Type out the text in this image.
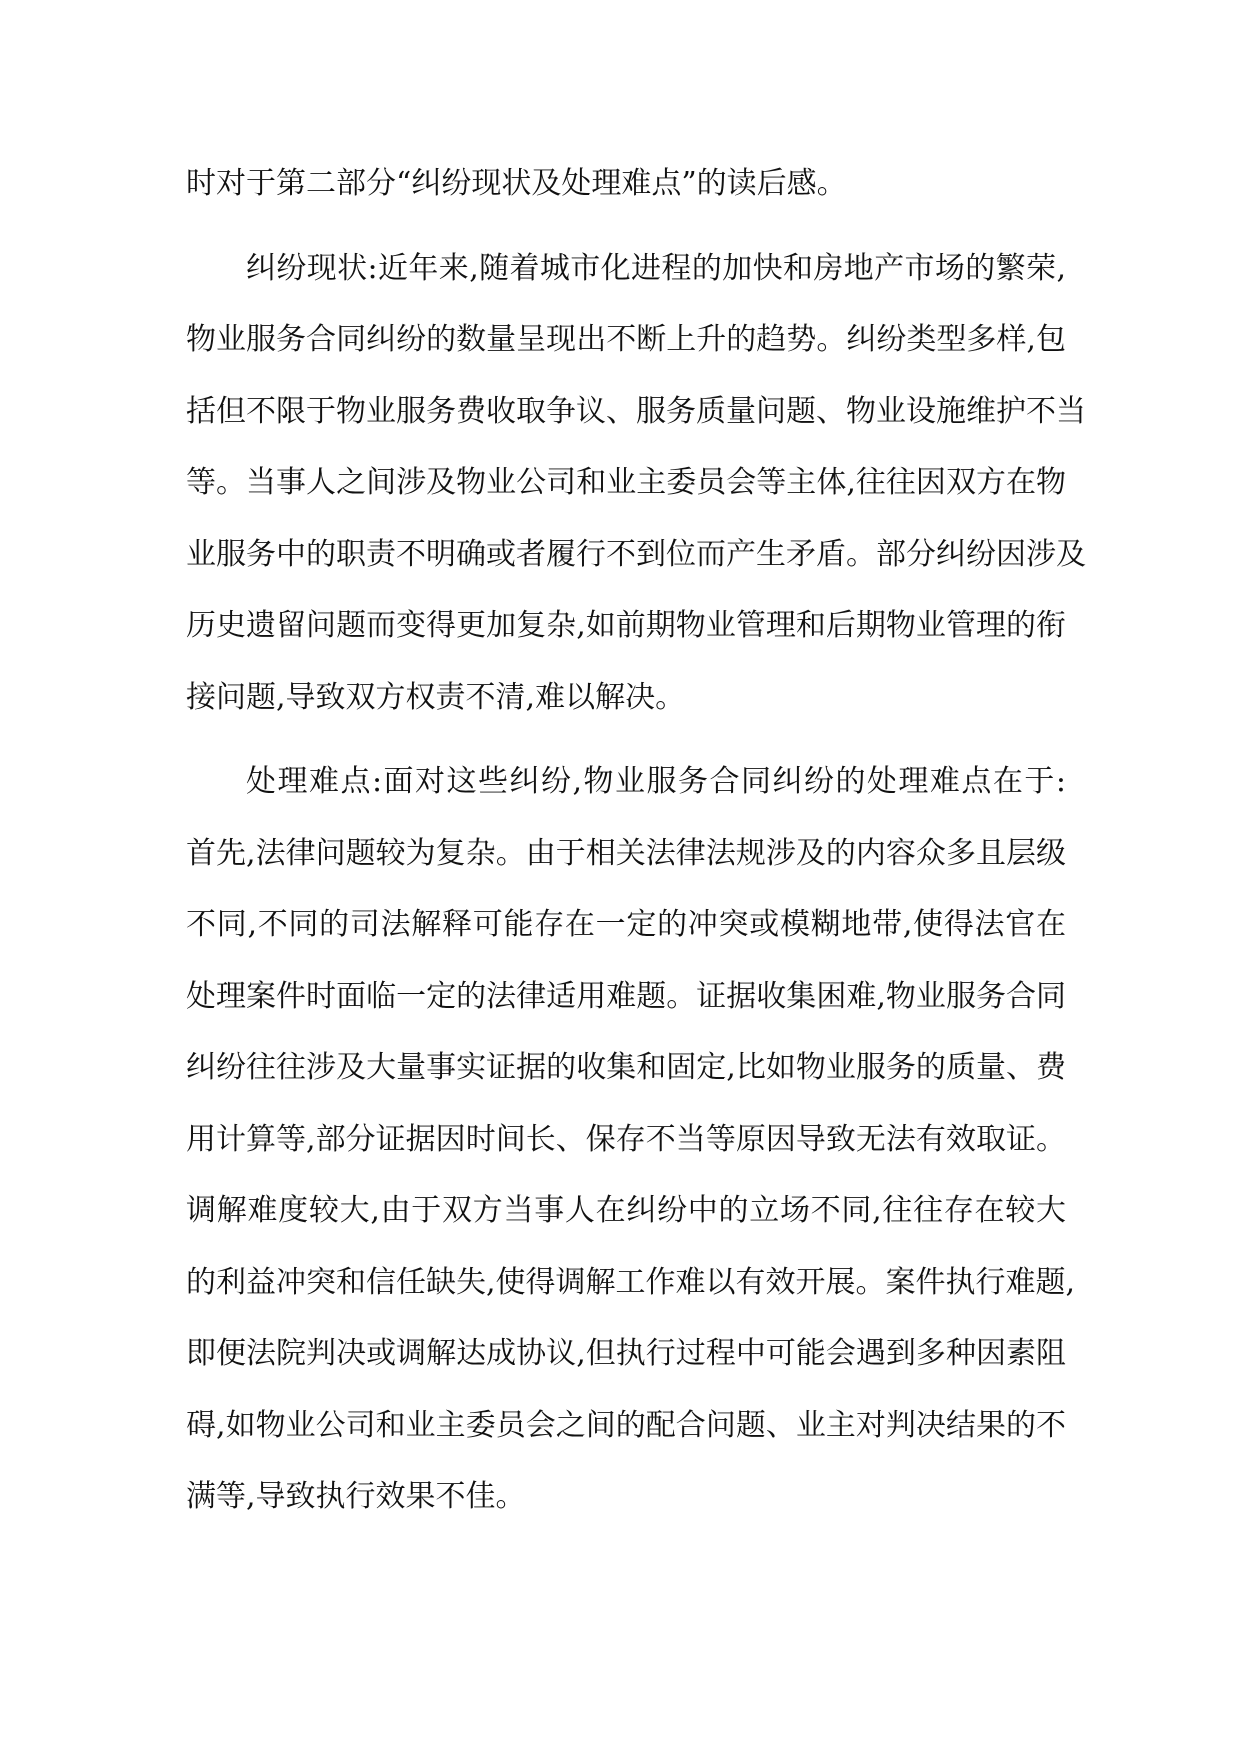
时对于第二部分“纠纷现状及处理难点”的读后感。
纠纷现状:近年来,随着城市化进程的加快和房地产市场的繁荣,
物业服务合同纠纷的数量呈现出不断上升的趋势。纠纷类型多样,包
括但不限于物业服务费收取争议、服务质量问题、物业设施维护不当
等。当事人之间涉及物业公司和业主委员会等主体,往往因双方在物
业服务中的职责不明确或者履行不到位而产生矛盾。部分纠纷因涉及
历史遗留问题而变得更加复杂,如前期物业管理和后期物业管理的衔
接问题,导致双方权责不清,难以解决。
处理难点:面对这些纠纷,物业服务合同纠纷的处理难点在于:
首先,法律问题较为复杂。由于相关法律法规涉及的内容众多且层级
不同,不同的司法解释可能存在一定的冲突或模糊地带,使得法官在
处理案件时面临一定的法律适用难题。证据收集困难,物业服务合同
纠纷往往涉及大量事实证据的收集和固定,比如物业服务的质量、费
用计算等,部分证据因时间长、保存不当等原因导致无法有效取证。
调解难度较大,由于双方当事人在纠纷中的立场不同,往往存在较大
的利益冲突和信任缺失,使得调解工作难以有效开展。案件执行难题,
即便法院判决或调解达成协议,但执行过程中可能会遇到多种因素阻
碍,如物业公司和业主委员会之间的配合问题、业主对判决结果的不
满等,导致执行效果不佳。
